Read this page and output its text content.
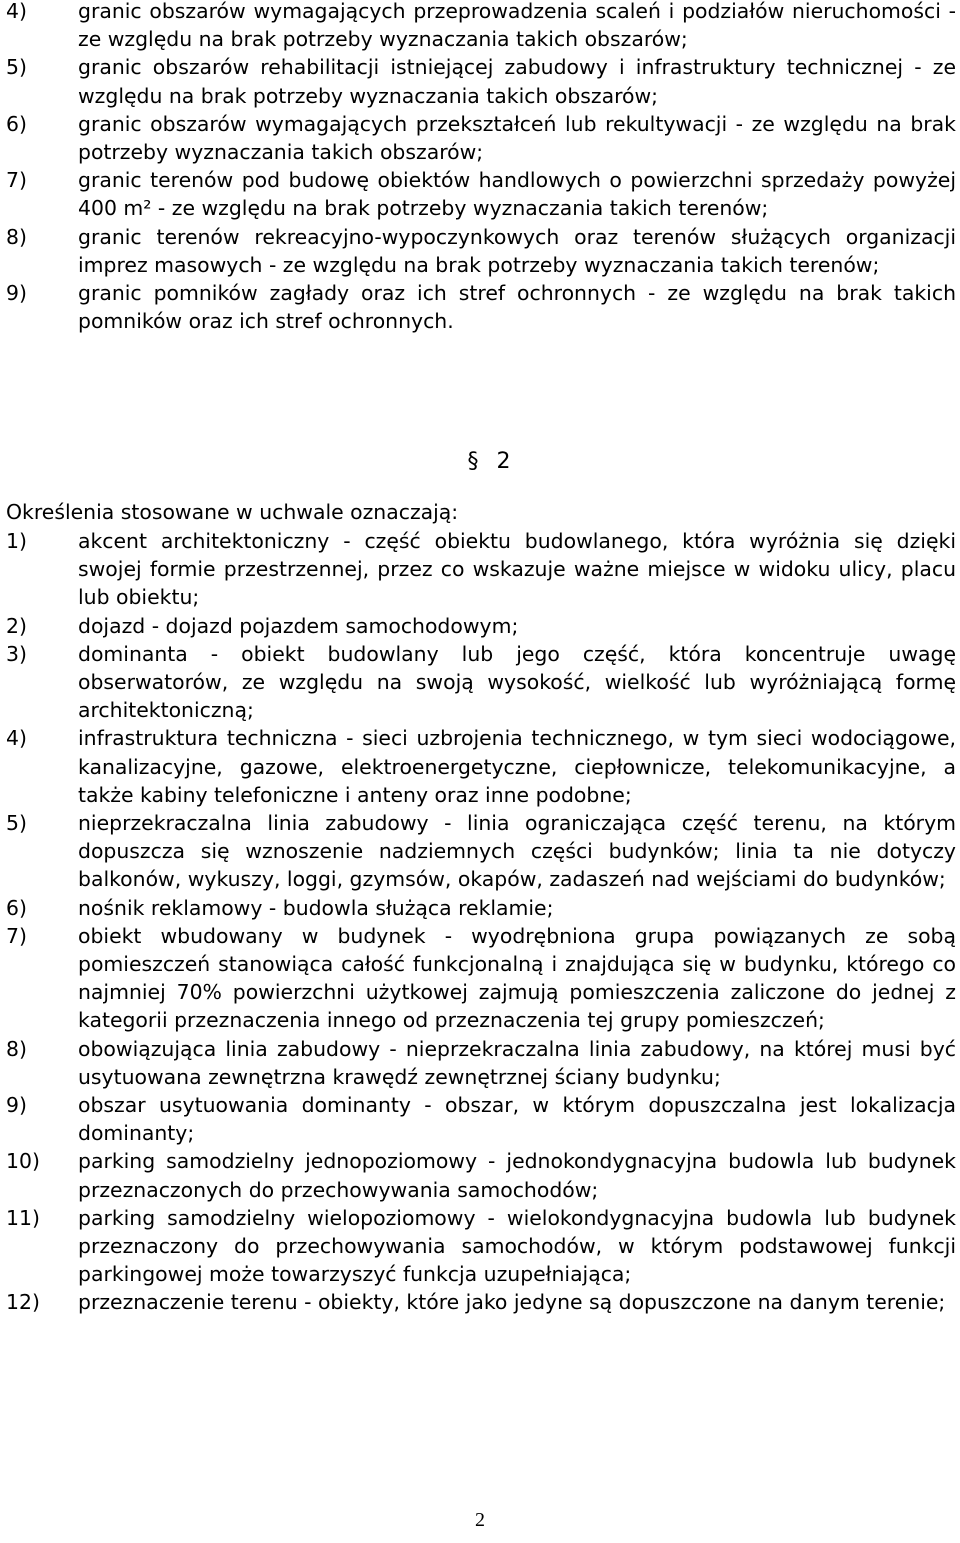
4)	granic obszarów wymagających przeprowadzenia scaleń i podziałów nieruchomości - ze względu na brak potrzeby wyznaczania takich obszarów;
5)	granic obszarów rehabilitacji istniejącej zabudowy i infrastruktury technicznej - ze względu na brak potrzeby wyznaczania takich obszarów;
6)	granic obszarów wymagających przekształceń lub rekultywacji - ze względu na brak potrzeby wyznaczania takich obszarów;
7)	granic terenów pod budowę obiektów handlowych o powierzchni sprzedaży powyżej 400 m² - ze względu na brak potrzeby wyznaczania takich terenów;
8)	granic terenów rekreacyjno-wypoczynkowych oraz terenów służących organizacji imprez masowych - ze względu na brak potrzeby wyznaczania takich terenów;
9)	granic pomników zagłady oraz ich stref ochronnych - ze względu na brak takich pomników oraz ich stref ochronnych.
§ 2

Określenia stosowane w uchwale oznaczają:

1)	akcent architektoniczny - część obiektu budowlanego, która wyróżnia się dzięki swojej formie przestrzennej, przez co wskazuje ważne miejsce w widoku ulicy, placu lub obiektu;
2)	dojazd - dojazd pojazdem samochodowym;
3)	dominanta - obiekt budowlany lub jego część, która koncentruje uwagę obserwatorów, ze względu na swoją wysokość, wielkość lub wyróżniającą formę architektoniczną;
4)	infrastruktura techniczna - sieci uzbrojenia technicznego, w tym sieci wodociągowe, kanalizacyjne, gazowe, elektroenergetyczne, ciepłownicze, telekomunikacyjne, a także kabiny telefoniczne i anteny oraz inne podobne;
5)	nieprzekraczalna linia zabudowy - linia ograniczająca część terenu, na którym dopuszcza się wznoszenie nadziemnych części budynków; linia ta nie dotyczy balkonów, wykuszy, loggi, gzymsów, okapów, zadaszeń nad wejściami do budynków;
6)	nośnik reklamowy - budowla służąca reklamie;
7)	obiekt wbudowany w budynek - wyodrębniona grupa powiązanych ze sobą pomieszczeń stanowiąca całość funkcjonalną i znajdująca się w budynku, którego co najmniej 70% powierzchni użytkowej zajmują pomieszczenia zaliczone do jednej z kategorii przeznaczenia innego od przeznaczenia tej grupy pomieszczeń;
8)	obowiązująca linia zabudowy - nieprzekraczalna linia zabudowy, na której musi być usytuowana zewnętrzna krawędź zewnętrznej ściany budynku;
9)	obszar usytuowania dominanty - obszar, w którym dopuszczalna jest lokalizacja dominanty;
10) parking samodzielny jednopoziomowy - jednokondygnacyjna budowla lub budynek przeznaczonych do przechowywania samochodów;
11) parking samodzielny wielopoziomowy - wielokondygnacyjna budowla lub budynek przeznaczony do przechowywania samochodów, w którym podstawowej funkcji parkingowej może towarzyszyć funkcja uzupełniająca;
12) przeznaczenie terenu - obiekty, które jako jedyne są dopuszczone na danym terenie;
2
